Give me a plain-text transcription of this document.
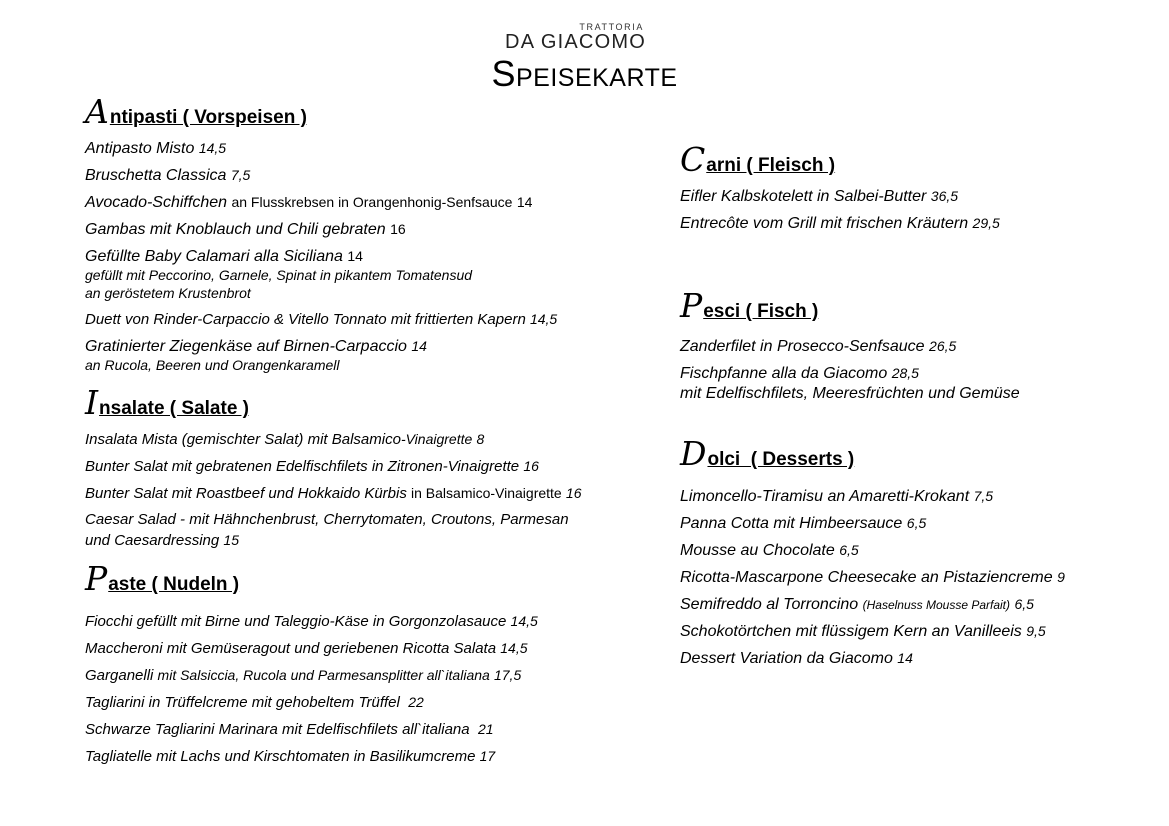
TRATTORIA
DA GIACOMO
Speisekarte
Antipasti ( Vorspeisen )
Antipasto Misto 14,5
Bruschetta Classica 7,5
Avocado-Schiffchen an Flusskrebsen in Orangenhonig-Senfsauce 14
Gambas mit Knoblauch und Chili gebraten 16
Gefüllte Baby Calamari alla Siciliana 14
gefüllt mit Peccorino, Garnele, Spinat in pikantem Tomatensud
an geröstetem Krustenbrot
Duett von Rinder-Carpaccio & Vitello Tonnato mit frittierten Kapern 14,5
Gratinierter Ziegenkäse auf Birnen-Carpaccio 14
an Rucola, Beeren und Orangenkaramell
Insalate ( Salate )
Insalata Mista (gemischter Salat) mit Balsamico-Vinaigrette 8
Bunter Salat mit gebratenen Edelfischfilets in Zitronen-Vinaigrette 16
Bunter Salat mit Roastbeef und Hokkaido Kürbis in Balsamico-Vinaigrette 16
Caesar Salad - mit Hähnchenbrust, Cherrytomaten, Croutons, Parmesan
und Caesardressing 15
Paste ( Nudeln )
Fiocchi gefüllt mit Birne und Taleggio-Käse in Gorgonzolasauce 14,5
Maccheroni mit Gemüseragout und geriebenen Ricotta Salata 14,5
Garganelli mit Salsiccia, Rucola und Parmesansplitter all`italiana 17,5
Tagliarini in Trüffelcreme mit gehobeltem Trüffel 22
Schwarze Tagliarini Marinara mit Edelfischfilets all`italiana 21
Tagliatelle mit Lachs und Kirschtomaten in Basilikumcreme 17
Carni ( Fleisch )
Eifler Kalbskotelett in Salbei-Butter 36,5
Entrecôte vom Grill mit frischen Kräutern 29,5
Pesci ( Fisch )
Zanderfilet in Prosecco-Senfsauce 26,5
Fischpfanne alla da Giacomo 28,5
mit Edelfischfilets, Meeresfrüchten und Gemüse
Dolci  ( Desserts )
Limoncello-Tiramisu an Amaretti-Krokant 7,5
Panna Cotta mit Himbeersauce 6,5
Mousse au Chocolate 6,5
Ricotta-Mascarpone Cheesecake an Pistaziencreme 9
Semifreddo al Torroncino (Haselnuss Mousse Parfait) 6,5
Schokotörtchen mit flüssigem Kern an Vanilleeis 9,5
Dessert Variation da Giacomo 14
